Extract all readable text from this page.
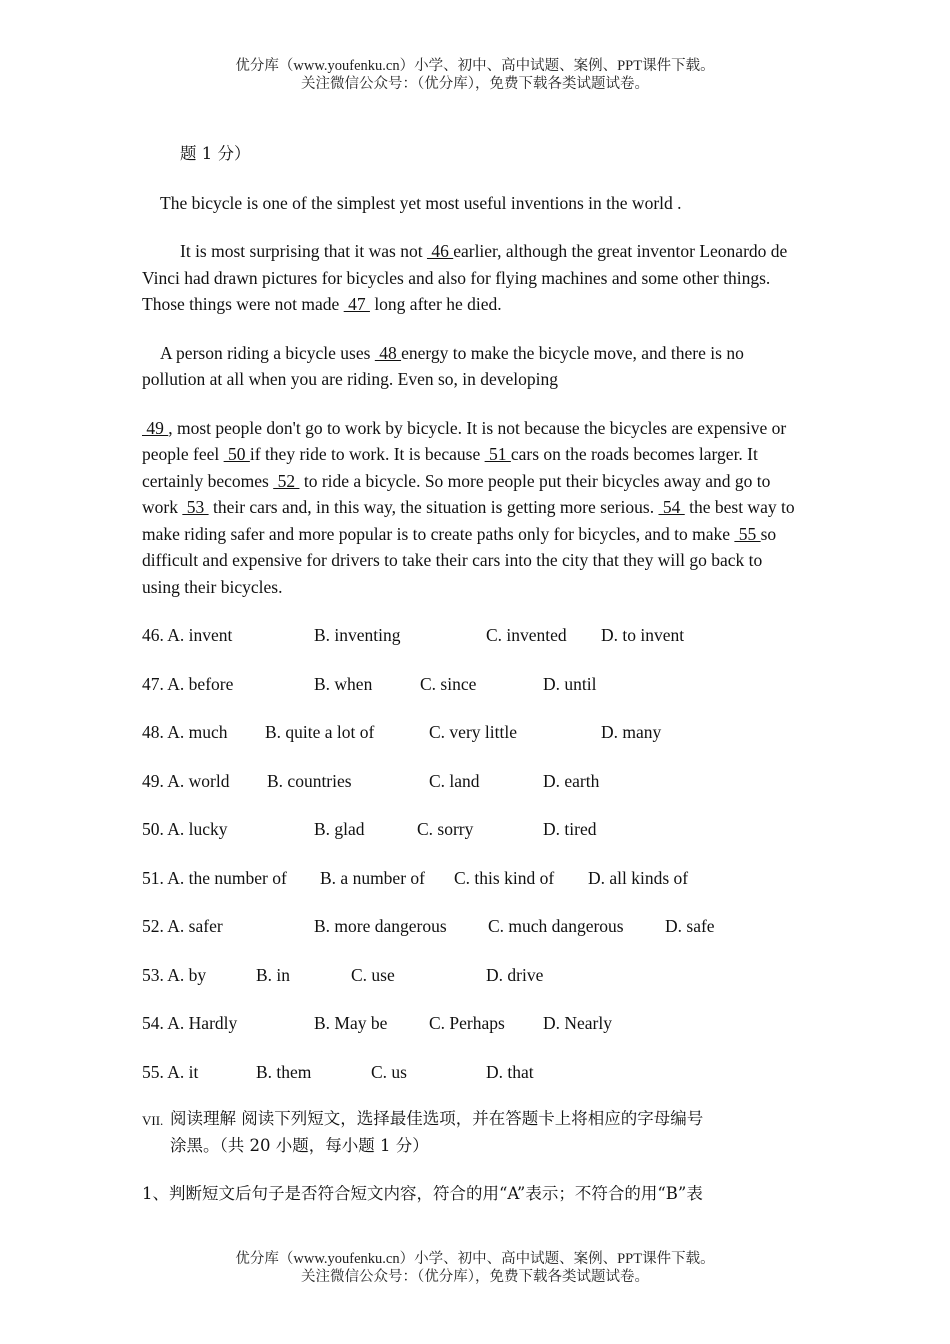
优分库（www.youfenku.cn）小学、初中、高中试题、案例、PPT课件下载。
关注微信公众号：（优分库），免费下载各类试题试卷。

题 1 分）

The bicycle is one of the simplest yet most useful inventions in the world .

It is most surprising that it was not  46 earlier, although the great inventor Leonardo de Vinci had drawn pictures for bicycles and also for flying machines and some other things. Those things were not made  47  long after he died.

A person riding a bicycle uses  48 energy to make the bicycle move, and there is no pollution at all when you are riding. Even so, in developing

49 , most people don't go to work by bicycle. It is not because the bicycles are expensive or people feel  50 if they ride to work. It is because  51 cars on the roads becomes larger. It certainly becomes  52  to ride a bicycle. So more people put their bicycles away and go to work  53  their cars and, in this way, the situation is getting more serious.  54  the best way to make riding safer and more popular is to create paths only for bicycles, and to make  55 so difficult and expensive for drivers to take their cars into the city that they will go back to using their bicycles.

46. A. invent	B. inventing	C. invented D. to invent
47. A. before	B. when	C. since	D. until
48. A. much B. quite a lot of	C. very little	D. many
49. A. world B. countries	C. land	D. earth
50. A. lucky	B. glad	C. sorry	D. tired
51. A. the number of B. a number of C. this kind of D. all kinds of
52. A. safer	B. more dangerous C. much dangerous D. safe
53. A. by	B. in	C. use	D. drive
54. A. Hardly	B. May be C. Perhaps D. Nearly
55. A. it	B. them	C. us	D. that
VII. 阅读理解 阅读下列短文，选择最佳选项，并在答题卡上将相应的字母编号
涂黑。（共 20 小题，每小题 1 分）

1、判断短文后句子是否符合短文内容，符合的用“A”表示；不符合的用“B”表

优分库（www.youfenku.cn）小学、初中、高中试题、案例、PPT课件下载。
关注微信公众号：（优分库），免费下载各类试题试卷。
